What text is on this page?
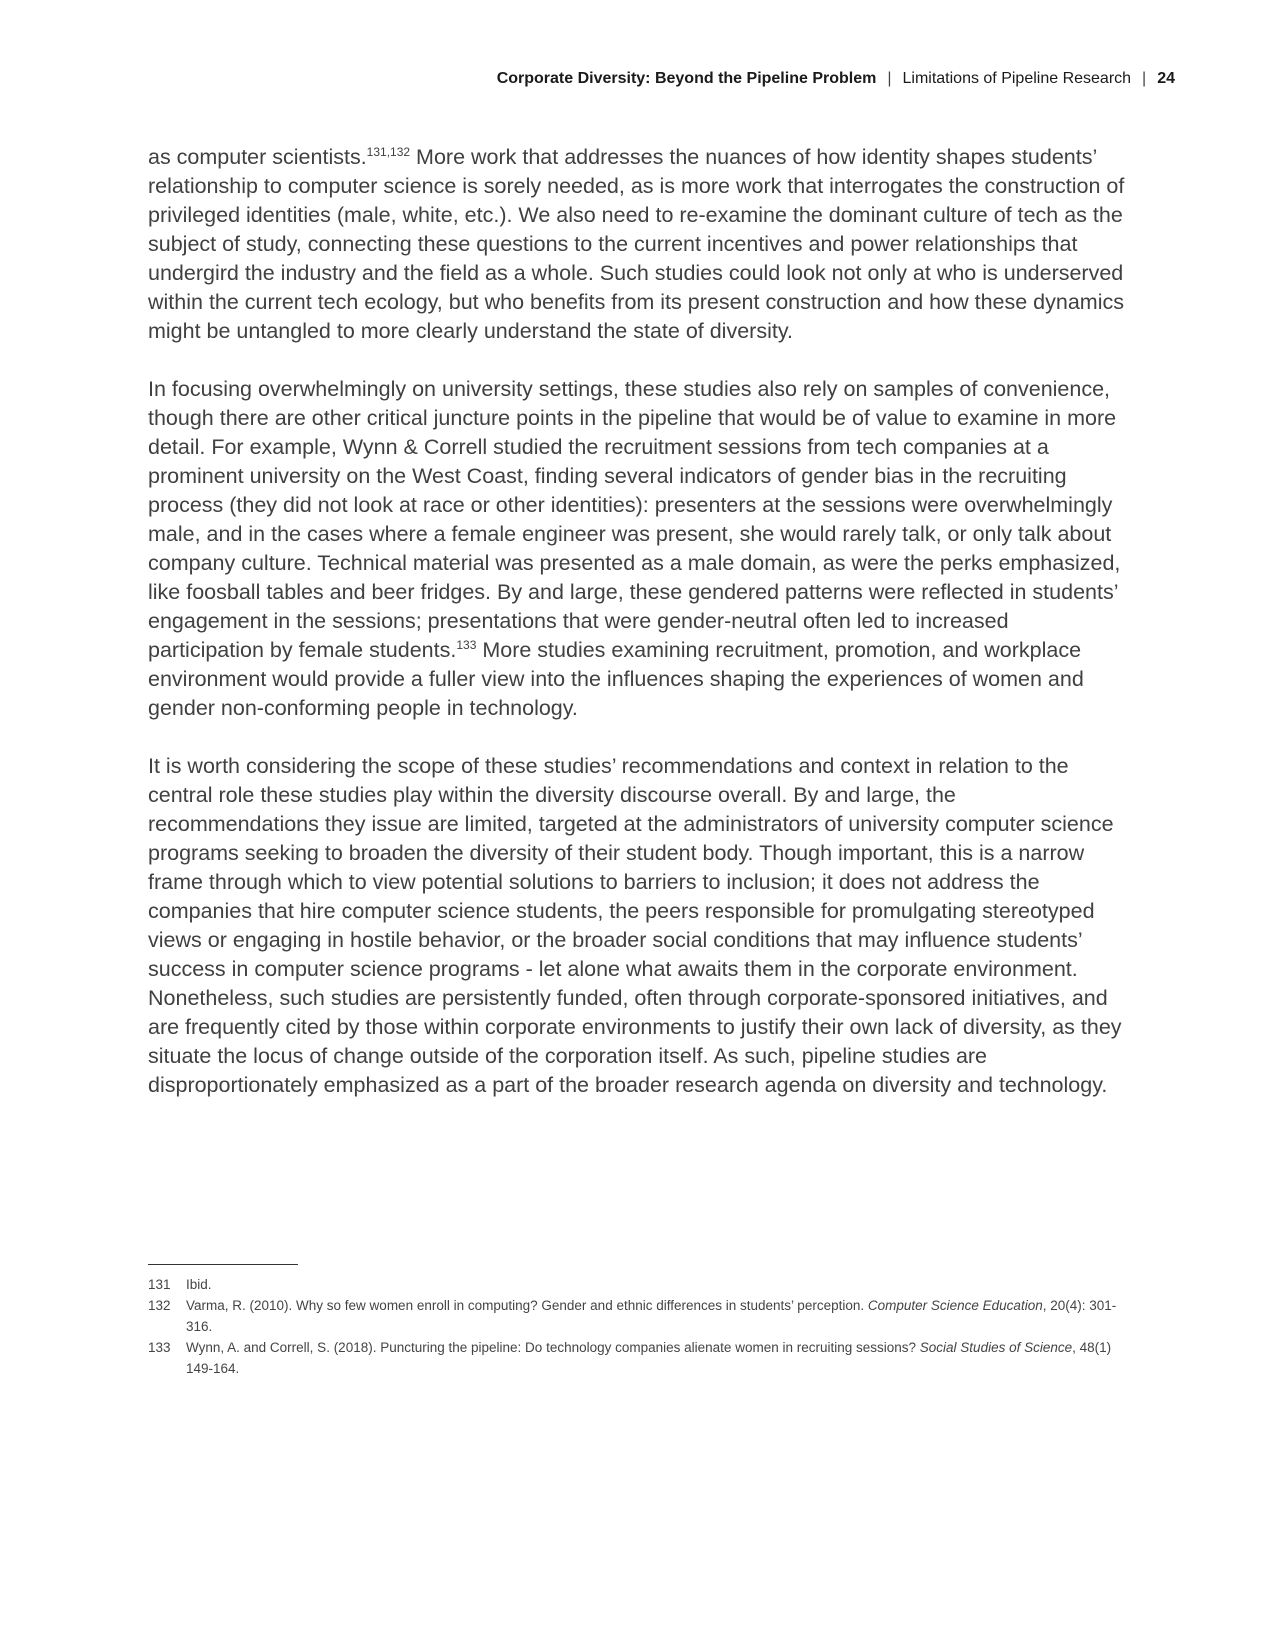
Corporate Diversity: Beyond the Pipeline Problem | Limitations of Pipeline Research | 24

as computer scientists.$^{131,132}$ More work that addresses the nuances of how identity shapes students’ relationship to computer science is sorely needed, as is more work that interrogates the construction of privileged identities (male, white, etc.). We also need to re-examine the dominant culture of tech as the subject of study, connecting these questions to the current incentives and power relationships that undergird the industry and the field as a whole. Such studies could look not only at who is underserved within the current tech ecology, but who benefits from its present construction and how these dynamics might be untangled to more clearly understand the state of diversity.

In focusing overwhelmingly on university settings, these studies also rely on samples of convenience, though there are other critical juncture points in the pipeline that would be of value to examine in more detail. For example, Wynn & Correll studied the recruitment sessions from tech companies at a prominent university on the West Coast, finding several indicators of gender bias in the recruiting process (they did not look at race or other identities): presenters at the sessions were overwhelmingly male, and in the cases where a female engineer was present, she would rarely talk, or only talk about company culture. Technical material was presented as a male domain, as were the perks emphasized, like foosball tables and beer fridges. By and large, these gendered patterns were reflected in students’ engagement in the sessions; presentations that were gender-neutral often led to increased participation by female students.$^{133}$ More studies examining recruitment, promotion, and workplace environment would provide a fuller view into the influences shaping the experiences of women and gender non-conforming people in technology.

It is worth considering the scope of these studies’ recommendations and context in relation to the central role these studies play within the diversity discourse overall. By and large, the recommendations they issue are limited, targeted at the administrators of university computer science programs seeking to broaden the diversity of their student body. Though important, this is a narrow frame through which to view potential solutions to barriers to inclusion; it does not address the companies that hire computer science students, the peers responsible for promulgating stereotyped views or engaging in hostile behavior, or the broader social conditions that may influence students’ success in computer science programs - let alone what awaits them in the corporate environment. Nonetheless, such studies are persistently funded, often through corporate-sponsored initiatives, and are frequently cited by those within corporate environments to justify their own lack of diversity, as they situate the locus of change outside of the corporation itself. As such, pipeline studies are disproportionately emphasized as a part of the broader research agenda on diversity and technology.

131	Ibid.
132	Varma, R. (2010). Why so few women enroll in computing? Gender and ethnic differences in students’ perception. Computer Science Education, 20(4): 301-316.
133	Wynn, A. and Correll, S. (2018). Puncturing the pipeline: Do technology companies alienate women in recruiting sessions? Social Studies of Science, 48(1) 149-164.
